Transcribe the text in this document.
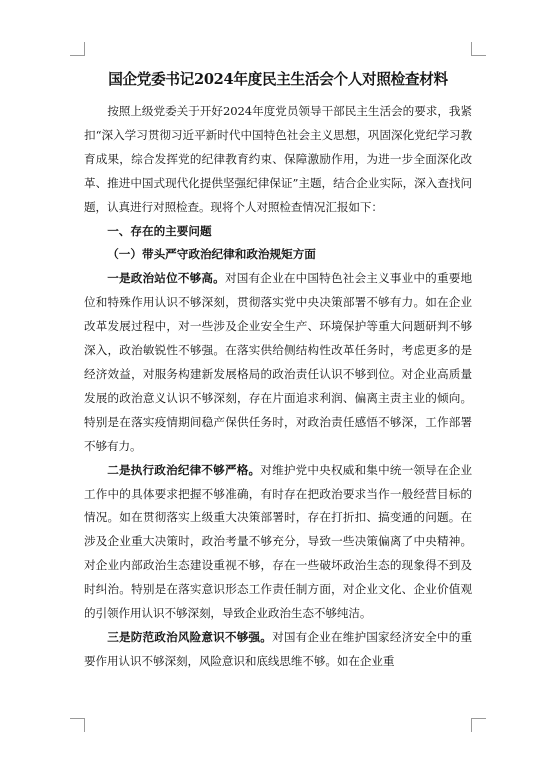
国企党委书记2024年度民主生活会个人对照检查材料

按照上级党委关于开好2024年度党员领导干部民主生活会的要求，我紧扣“深入学习贯彻习近平新时代中国特色社会主义思想，巩固深化党纪学习教育成果，综合发挥党的纪律教育约束、保障激励作用，为进一步全面深化改革、推进中国式现代化提供坚强纪律保证”主题，结合企业实际，深入查找问题，认真进行对照检查。现将个人对照检查情况汇报如下：

一、存在的主要问题
（一）带头严守政治纪律和政治规矩方面

一是政治站位不够高。对国有企业在中国特色社会主义事业中的重要地位和特殊作用认识不够深刻，贯彻落实党中央决策部署不够有力。如在企业改革发展过程中，对一些涉及企业安全生产、环境保护等重大问题研判不够深入，政治敏锐性不够强。在落实供给侧结构性改革任务时，考虑更多的是经济效益，对服务构建新发展格局的政治责任认识不够到位。对企业高质量发展的政治意义认识不够深刻，存在片面追求利润、偏离主责主业的倾向。特别是在落实疫情期间稳产保供任务时，对政治责任感悟不够深，工作部署不够有力。

二是执行政治纪律不够严格。对维护党中央权威和集中统一领导在企业工作中的具体要求把握不够准确，有时存在把政治要求当作一般经营目标的情况。如在贯彻落实上级重大决策部署时，存在打折扣、搞变通的问题。在涉及企业重大决策时，政治考量不够充分，导致一些决策偏离了中央精神。对企业内部政治生态建设重视不够，存在一些破坏政治生态的现象得不到及时纠治。特别是在落实意识形态工作责任制方面，对企业文化、企业价值观的引领作用认识不够深刻，导致企业政治生态不够纯洁。

三是防范政治风险意识不够强。对国有企业在维护国家经济安全中的重要作用认识不够深刻，风险意识和底线思维不够。如在企业重
